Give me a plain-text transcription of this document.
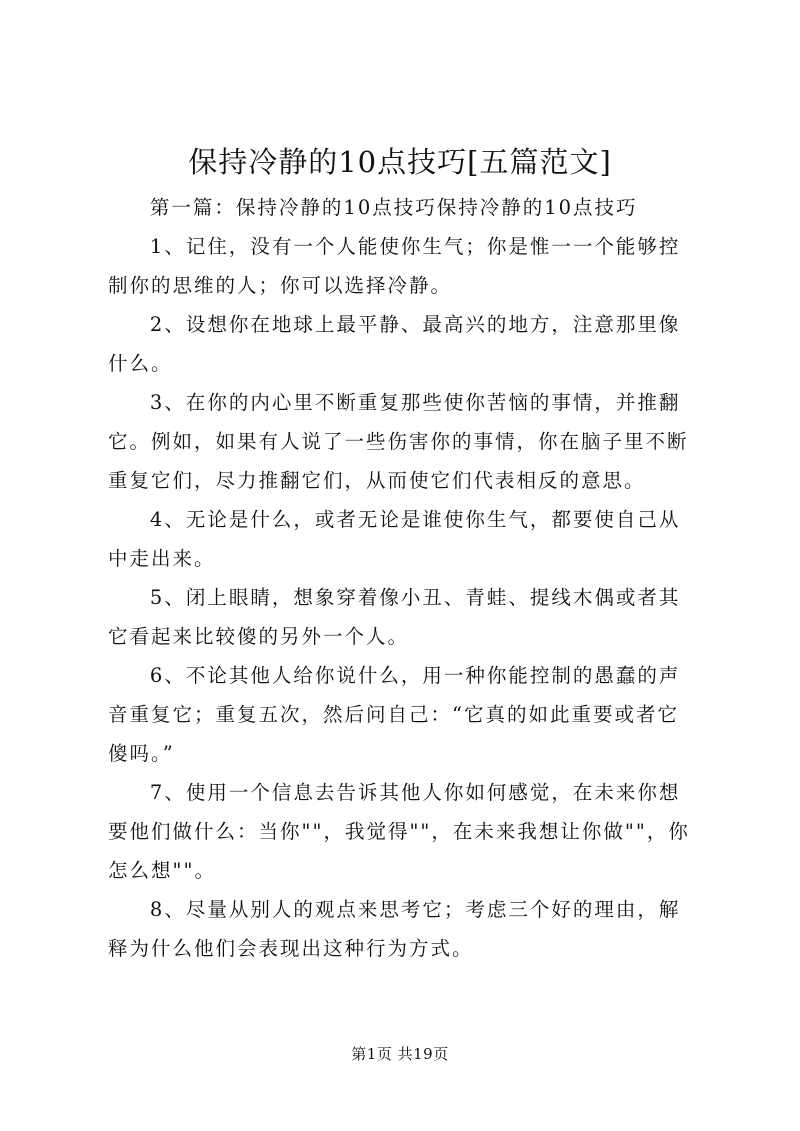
保持冷静的10点技巧[五篇范文]

第一篇：保持冷静的10点技巧保持冷静的10点技巧

1、记住，没有一个人能使你生气；你是惟一一个能够控制你的思维的人；你可以选择冷静。

2、设想你在地球上最平静、最高兴的地方，注意那里像什么。

3、在你的内心里不断重复那些使你苦恼的事情，并推翻它。例如，如果有人说了一些伤害你的事情，你在脑子里不断重复它们，尽力推翻它们，从而使它们代表相反的意思。

4、无论是什么，或者无论是谁使你生气，都要使自己从中走出来。

5、闭上眼睛，想象穿着像小丑、青蛙、提线木偶或者其它看起来比较傻的另外一个人。

6、不论其他人给你说什么，用一种你能控制的愚蠢的声音重复它；重复五次，然后问自己：“它真的如此重要或者它傻吗。”

7、使用一个信息去告诉其他人你如何感觉，在未来你想要他们做什么：当你""，我觉得""，在未来我想让你做""，你怎么想""。

8、尽量从别人的观点来思考它；考虑三个好的理由，解释为什么他们会表现出这种行为方式。

第1页 共19页
